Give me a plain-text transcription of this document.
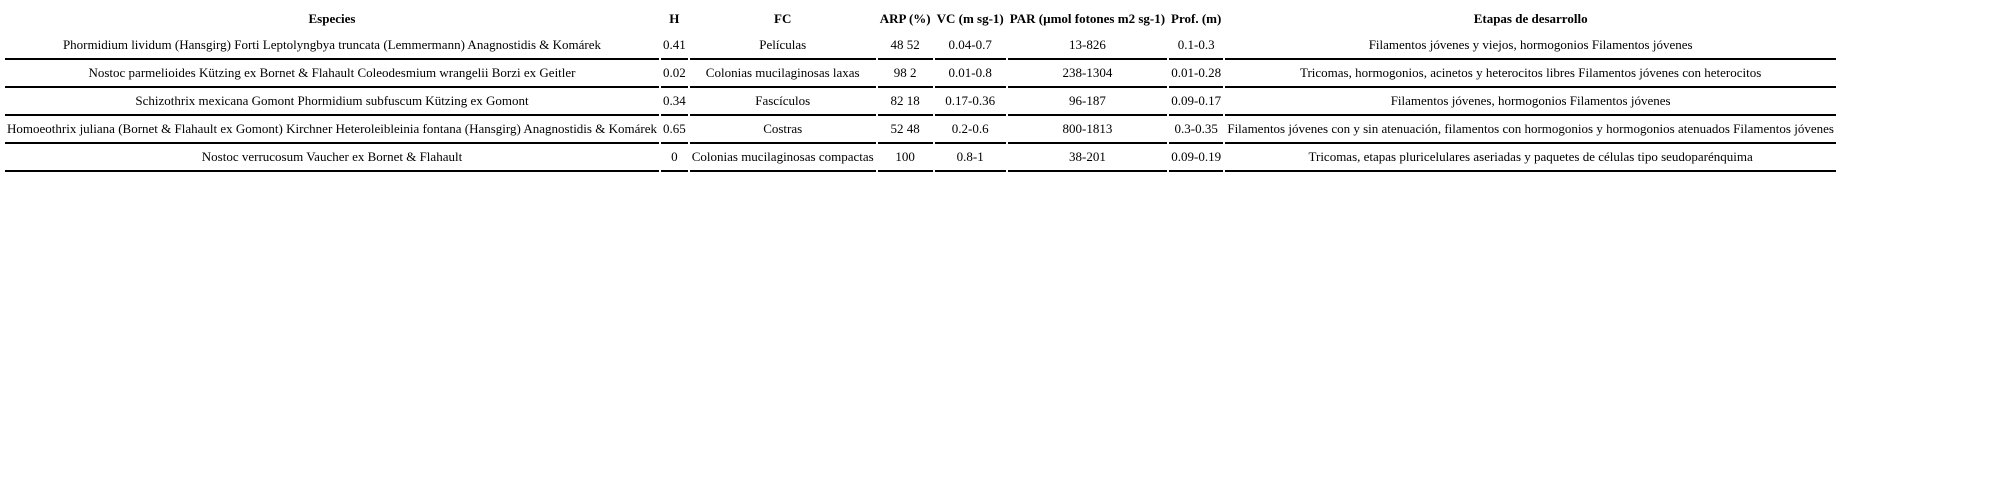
Especies	H	FC	ARP (%)	VC (m sg-1)	PAR (µmol fotones m2 sg-1)	Prof. (m)	Etapas de desarrollo
Phormidium lividum (Hansgirg) Forti Leptolyngbya truncata (Lemmermann) Anagnostidis & Komárek	0.41	Películas	48 52	0.04-0.7	13-826	0.1-0.3	Filamentos jóvenes y viejos, hormogonios Filamentos jóvenes
Nostoc parmelioides Kützing ex Bornet & Flahault Coleodesmium wrangelii Borzi ex Geitler	0.02	Colonias mucilaginosas laxas	98 2	0.01-0.8	238-1304	0.01-0.28	Tricomas, hormogonios, acinetos y heterocitos libres Filamentos jóvenes con heterocitos
Schizothrix mexicana Gomont Phormidium subfuscum Kützing ex Gomont	0.34	Fascículos	82 18	0.17-0.36	96-187	0.09-0.17	Filamentos jóvenes, hormogonios Filamentos jóvenes
Homoeothrix juliana (Bornet & Flahault ex Gomont) Kirchner Heteroleibleinia fontana (Hansgirg) Anagnostidis & Komárek	0.65	Costras	52 48	0.2-0.6	800-1813	0.3-0.35	Filamentos jóvenes con y sin atenuación, filamentos con hormogonios y hormogonios atenuados Filamentos jóvenes
Nostoc verrucosum Vaucher ex Bornet & Flahault	0	Colonias mucilaginosas compactas	100	0.8-1	38-201	0.09-0.19	Tricomas, etapas pluricelulares aseriadas y paquetes de células tipo seudoparénquima
